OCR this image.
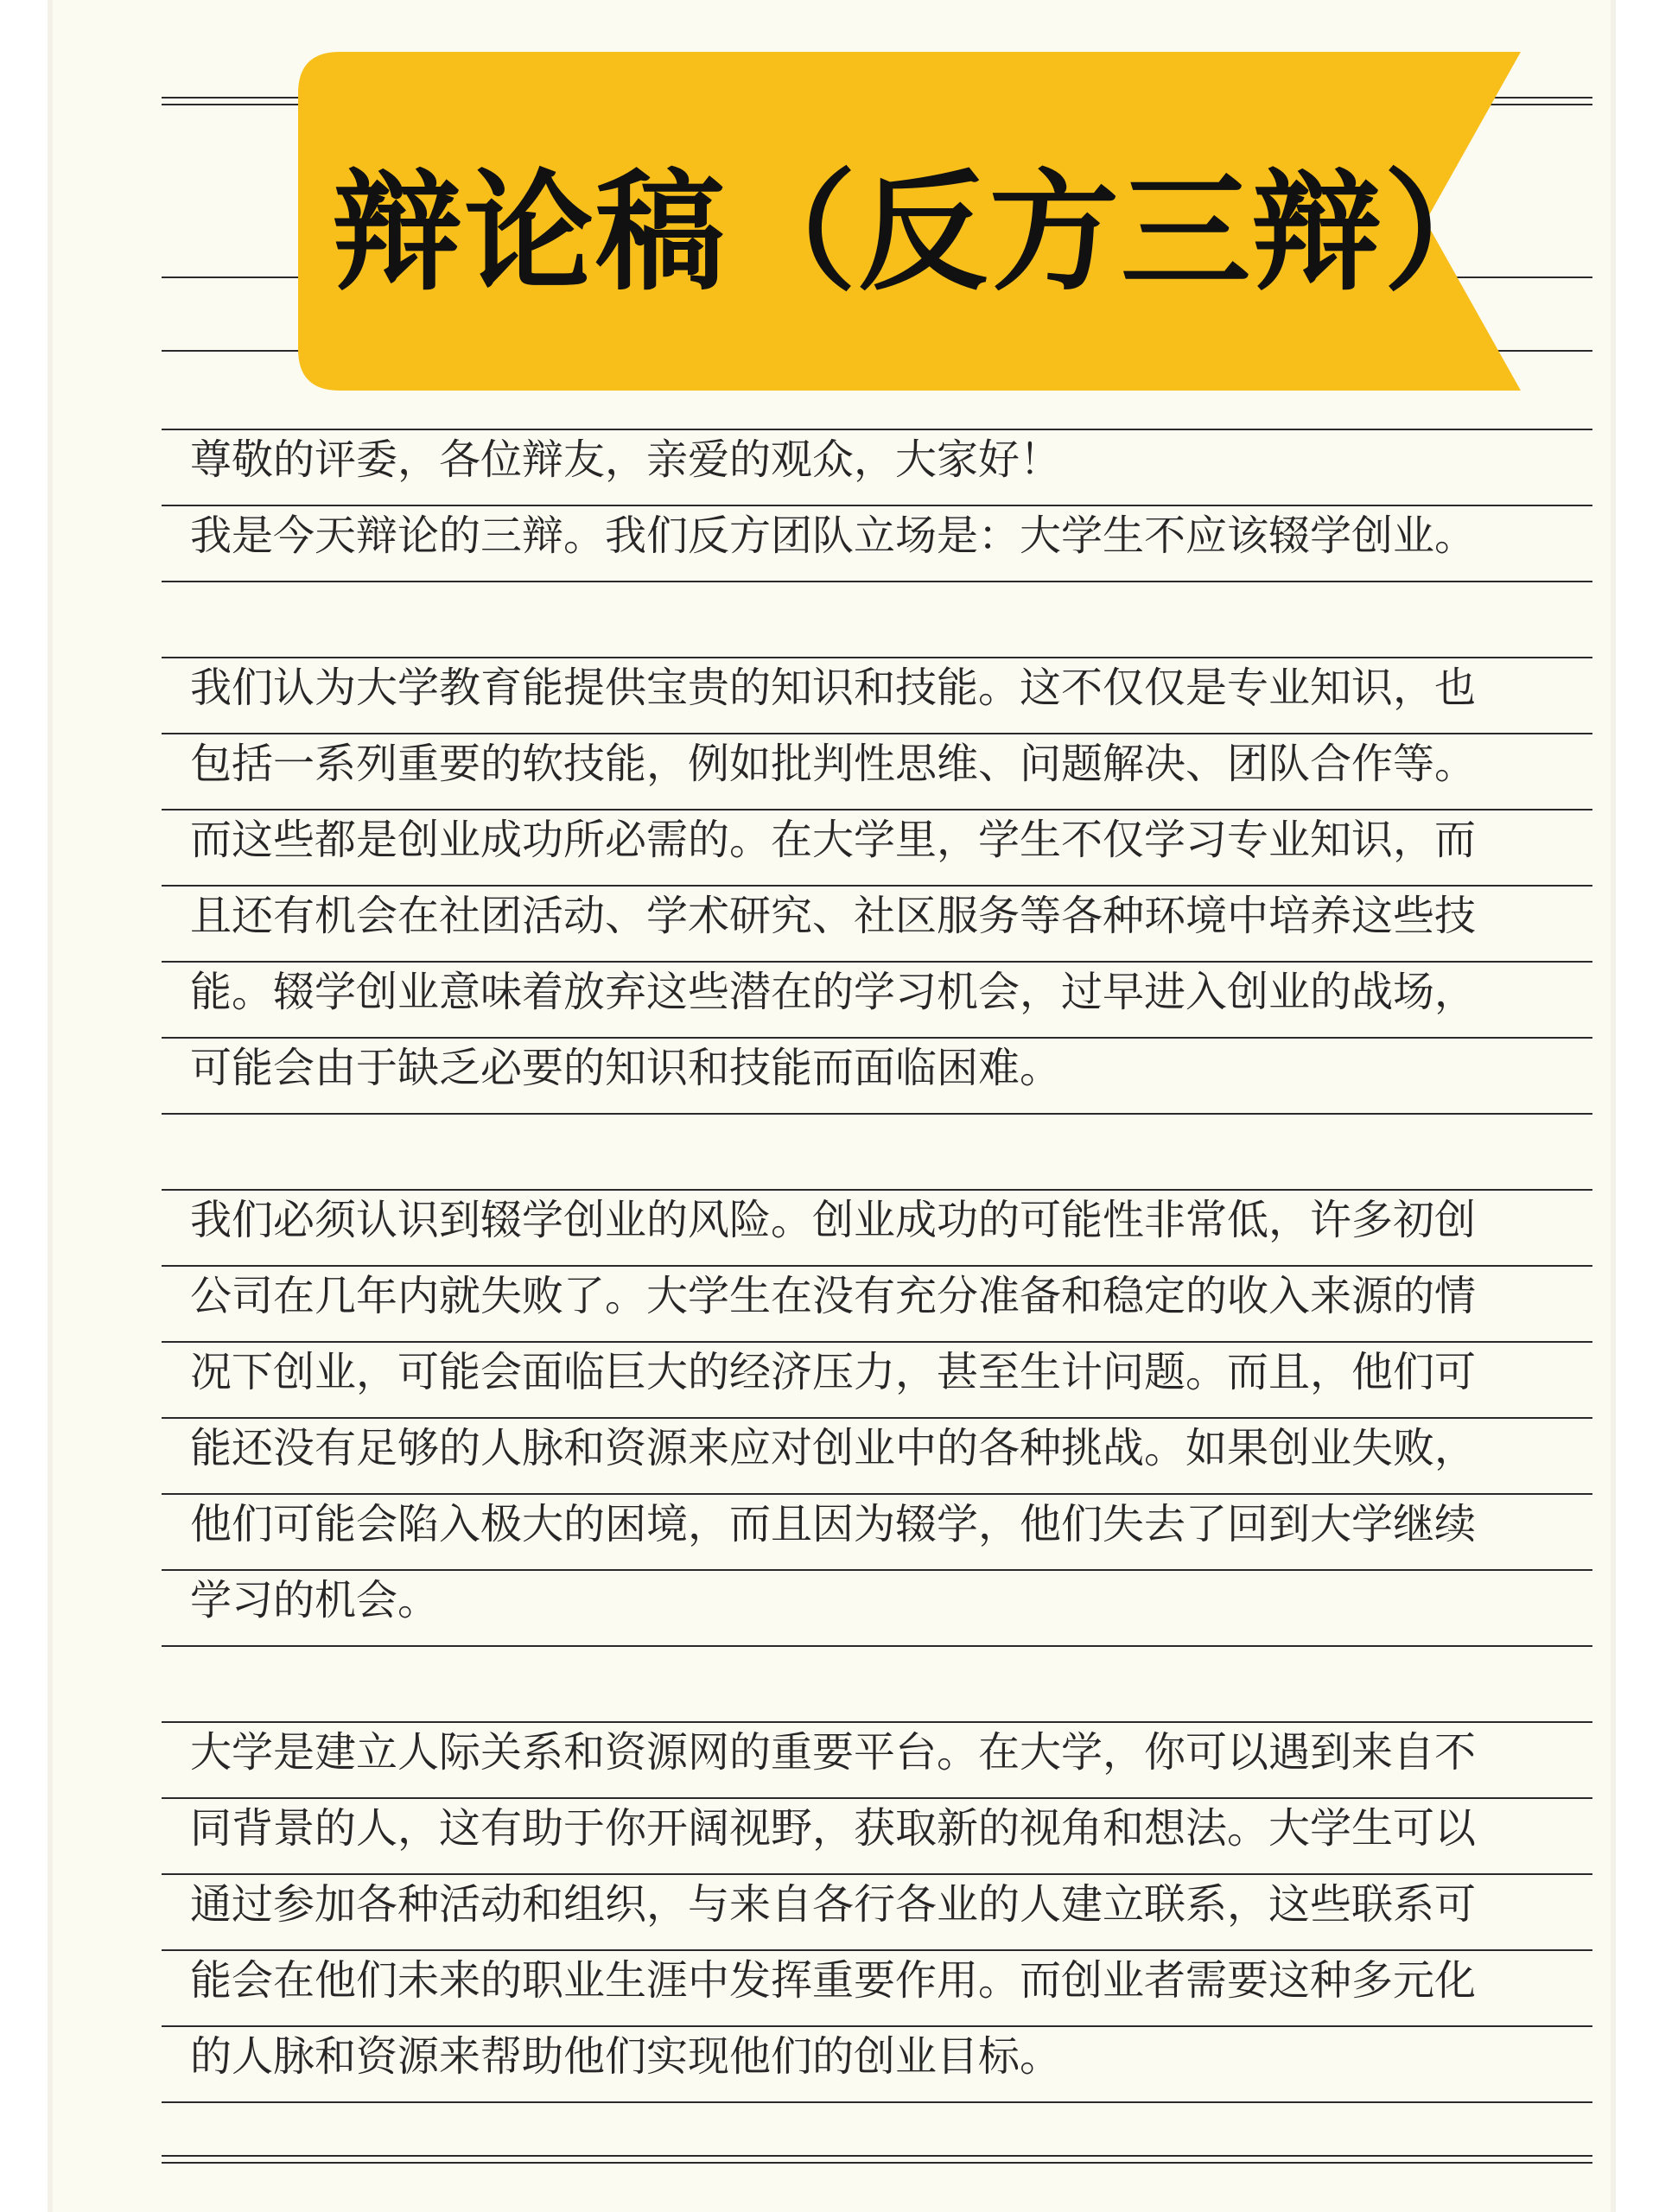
辩论稿（反方三辩）
尊敬的评委，各位辩友，亲爱的观众，大家好！
我是今天辩论的三辩。我们反方团队立场是：大学生不应该辍学创业。
我们认为大学教育能提供宝贵的知识和技能。这不仅仅是专业知识，也
包括一系列重要的软技能，例如批判性思维、问题解决、团队合作等。
而这些都是创业成功所必需的。在大学里，学生不仅学习专业知识，而
且还有机会在社团活动、学术研究、社区服务等各种环境中培养这些技
能。辍学创业意味着放弃这些潜在的学习机会，过早进入创业的战场，
可能会由于缺乏必要的知识和技能而面临困难。
我们必须认识到辍学创业的风险。创业成功的可能性非常低，许多初创
公司在几年内就失败了。大学生在没有充分准备和稳定的收入来源的情
况下创业，可能会面临巨大的经济压力，甚至生计问题。而且，他们可
能还没有足够的人脉和资源来应对创业中的各种挑战。如果创业失败，
他们可能会陷入极大的困境，而且因为辍学，他们失去了回到大学继续
学习的机会。
大学是建立人际关系和资源网的重要平台。在大学，你可以遇到来自不
同背景的人，这有助于你开阔视野，获取新的视角和想法。大学生可以
通过参加各种活动和组织，与来自各行各业的人建立联系，这些联系可
能会在他们未来的职业生涯中发挥重要作用。而创业者需要这种多元化
的人脉和资源来帮助他们实现他们的创业目标。
